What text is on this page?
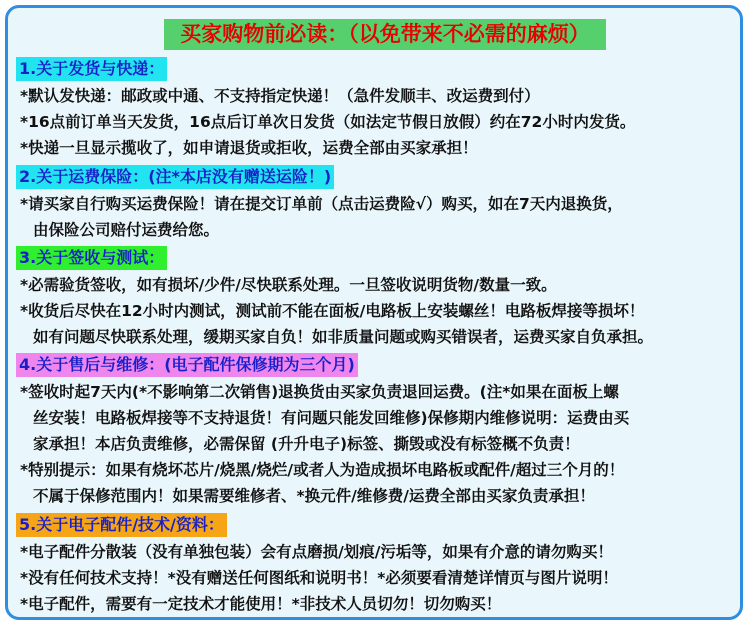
买家购物前必读：（以免带来不必需的麻烦）
1.关于发货与快递：
*默认发快递：邮政或中通、不支持指定快递！（急件发顺丰、改运费到付）
*16点前订单当天发货，16点后订单次日发货（如法定节假日放假）约在72小时内发货。
*快递一旦显示揽收了，如申请退货或拒收，运费全部由买家承担！
2.关于运费保险：(注*本店没有赠送运险！)
*请买家自行购买运费保险！请在提交订单前（点击运费险√）购买，如在7天内退换货，
由保险公司赔付运费给您。
3.关于签收与测试：
*必需验货签收，如有损坏/少件/尽快联系处理。一旦签收说明货物/数量一致。
*收货后尽快在12小时内测试，测试前不能在面板/电路板上安装螺丝！电路板焊接等损坏！
如有问题尽快联系处理，缓期买家自负！如非质量问题或购买错误者，运费买家自负承担。
4.关于售后与维修：(电子配件保修期为三个月)
*签收时起7天内(*不影响第二次销售)退换货由买家负责退回运费。(注*如果在面板上螺
丝安装！电路板焊接等不支持退货！有问题只能发回维修)保修期内维修说明：运费由买
家承担！本店负责维修，必需保留 (升升电子)标签、撕毁或没有标签概不负责！
*特别提示：如果有烧坏芯片/烧黑/烧烂/或者人为造成损坏电路板或配件/超过三个月的！
不属于保修范围内！如果需要维修者、*换元件/维修费/运费全部由买家负责承担！
5.关于电子配件/技术/资料：
*电子配件分散装（没有单独包装）会有点磨损/划痕/污垢等，如果有介意的请勿购买！
*没有任何技术支持！*没有赠送任何图纸和说明书！*必须要看清楚详情页与图片说明！
*电子配件，需要有一定技术才能使用！*非技术人员切勿！切勿购买！
